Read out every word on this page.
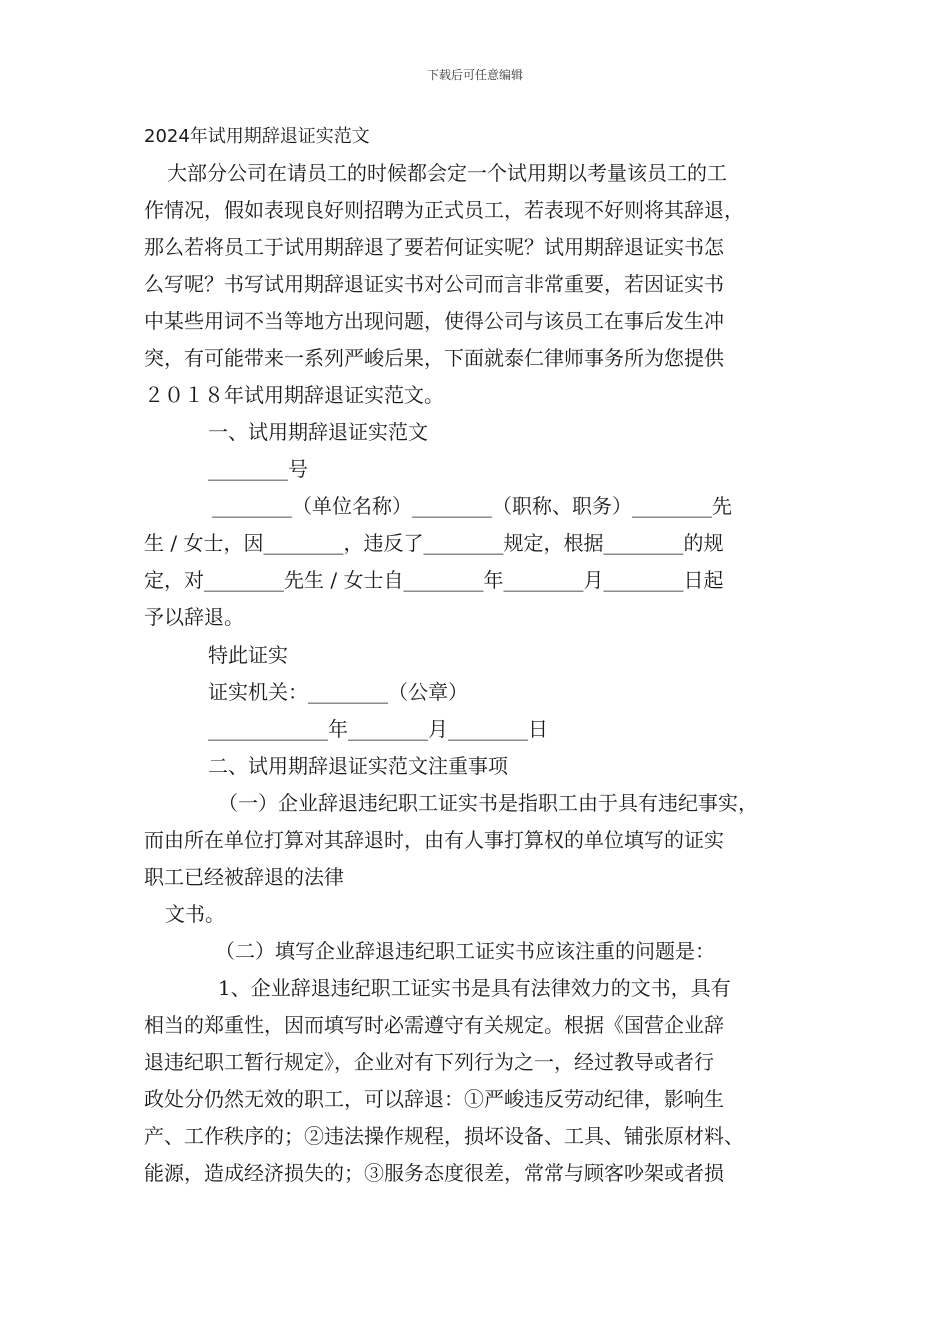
下载后可任意编辑
2024年试用期辞退证实范文
大部分公司在请员工的时候都会定一个试用期以考量该员工的工
作情况，假如表现良好则招聘为正式员工，若表现不好则将其辞退，
那么若将员工于试用期辞退了要若何证实呢？试用期辞退证实书怎
么写呢？书写试用期辞退证实书对公司而言非常重要，若因证实书
中某些用词不当等地方出现问题，使得公司与该员工在事后发生冲
突，有可能带来一系列严峻后果，下面就泰仁律师事务所为您提供
２０１８年试用期辞退证实范文。
一、试用期辞退证实范文
________号
________（单位名称）________（职称、职务）________先
生 / 女士，因________，违反了________规定，根据________的规
定，对________先生 / 女士自________年________月________日起
予以辞退。
特此证实
证实机关：________（公章）
____________年________月________日
二、试用期辞退证实范文注重事项
（一）企业辞退违纪职工证实书是指职工由于具有违纪事实，
而由所在单位打算对其辞退时，由有人事打算权的单位填写的证实
职工已经被辞退的法律
文书。
（二）填写企业辞退违纪职工证实书应该注重的问题是：
1、企业辞退违纪职工证实书是具有法律效力的文书，具有
相当的郑重性，因而填写时必需遵守有关规定。根据《国营企业辞
退违纪职工暂行规定》，企业对有下列行为之一，经过教导或者行
政处分仍然无效的职工，可以辞退：①严峻违反劳动纪律，影响生
产、工作秩序的；②违法操作规程，损坏设备、工具、铺张原材料、
能源，造成经济损失的；③服务态度很差，常常与顾客吵架或者损
